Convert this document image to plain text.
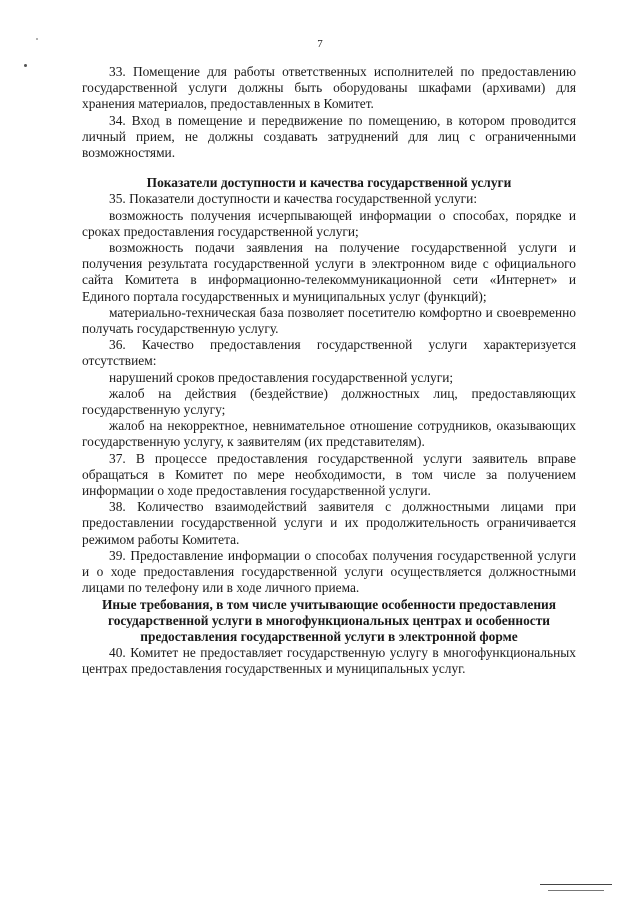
7

33. Помещение для работы ответственных исполнителей по предоставлению государственной услуги должны быть оборудованы шкафами (архивами) для хранения материалов, предоставленных в Комитет.

34. Вход в помещение и передвижение по помещению, в котором проводится личный прием, не должны создавать затруднений для лиц с ограниченными возможностями.

Показатели доступности и качества государственной услуги

35. Показатели доступности и качества государственной услуги:

возможность получения исчерпывающей информации о способах, порядке и сроках предоставления государственной услуги;

возможность подачи заявления на получение государственной услуги и получения результата государственной услуги в электронном виде с официального сайта Комитета в информационно-телекоммуникационной сети «Интернет» и Единого портала государственных и муниципальных услуг (функций);

материально-техническая база позволяет посетителю комфортно и своевременно получать государственную услугу.

36. Качество предоставления государственной услуги характеризуется отсутствием:

нарушений сроков предоставления государственной услуги;

жалоб на действия (бездействие) должностных лиц, предоставляющих государственную услугу;

жалоб на некорректное, невнимательное отношение сотрудников, оказывающих государственную услугу, к заявителям (их представителям).

37. В процессе предоставления государственной услуги заявитель вправе обращаться в Комитет по мере необходимости, в том числе за получением информации о ходе предоставления государственной услуги.

38. Количество взаимодействий заявителя с должностными лицами при предоставлении государственной услуги и их продолжительность ограничивается режимом работы Комитета.

39. Предоставление информации о способах получения государственной услуги и о ходе предоставления государственной услуги осуществляется должностными лицами по телефону или в ходе личного приема.

Иные требования, в том числе учитывающие особенности предоставления государственной услуги в многофункциональных центрах и особенности предоставления государственной услуги в электронной форме

40. Комитет не предоставляет государственную услугу в многофункциональных центрах предоставления государственных и муниципальных услуг.
